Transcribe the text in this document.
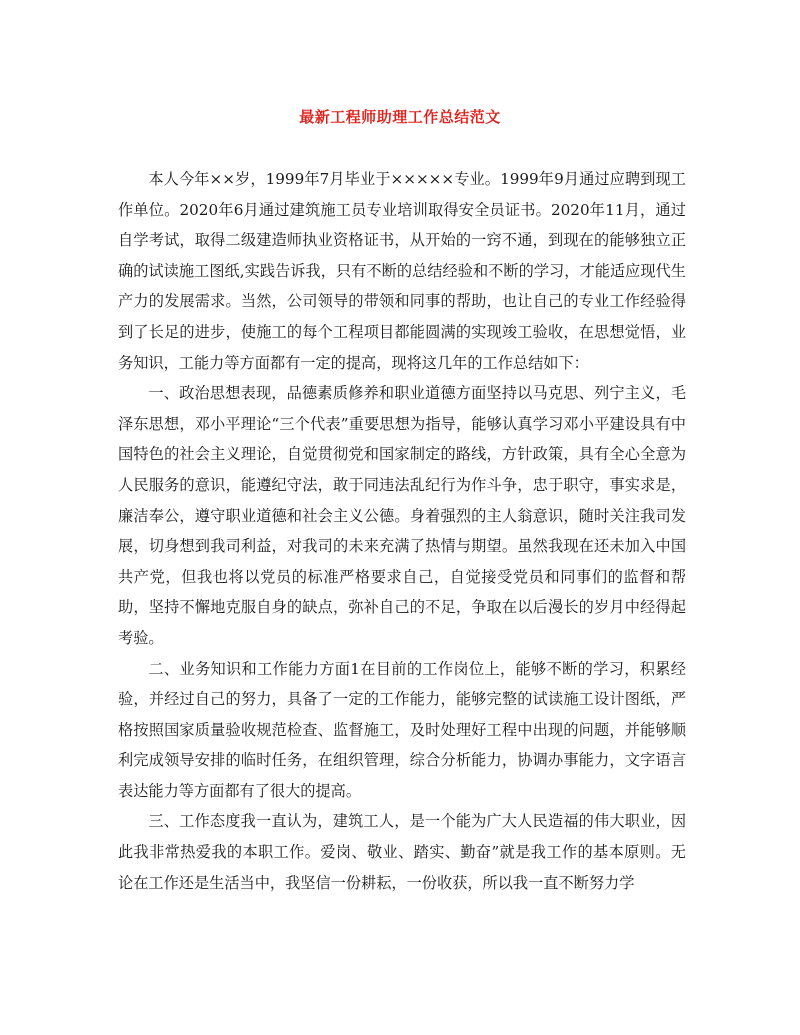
最新工程师助理工作总结范文

本人今年××岁，1999年7月毕业于×××××专业。1999年9月通过应聘到现工作单位。2020年6月通过建筑施工员专业培训取得安全员证书。2020年11月，通过自学考试，取得二级建造师执业资格证书，从开始的一窍不通，到现在的能够独立正确的试读施工图纸,实践告诉我，只有不断的总结经验和不断的学习，才能适应现代生产力的发展需求。当然，公司领导的带领和同事的帮助，也让自己的专业工作经验得到了长足的进步，使施工的每个工程项目都能圆满的实现竣工验收，在思想觉悟，业务知识，工能力等方面都有一定的提高，现将这几年的工作总结如下：

一、政治思想表现，品德素质修养和职业道德方面坚持以马克思、列宁主义，毛泽东思想，邓小平理论“三个代表”重要思想为指导，能够认真学习邓小平建设具有中国特色的社会主义理论，自觉贯彻党和国家制定的路线，方针政策，具有全心全意为人民服务的意识，能遵纪守法，敢于同违法乱纪行为作斗争，忠于职守，事实求是，廉洁奉公，遵守职业道德和社会主义公德。身着强烈的主人翁意识，随时关注我司发展，切身想到我司利益，对我司的未来充满了热情与期望。虽然我现在还未加入中国共产党，但我也将以党员的标准严格要求自己，自觉接受党员和同事们的监督和帮助，坚持不懈地克服自身的缺点，弥补自己的不足，争取在以后漫长的岁月中经得起考验。

二、业务知识和工作能力方面1在目前的工作岗位上，能够不断的学习，积累经验，并经过自己的努力，具备了一定的工作能力，能够完整的试读施工设计图纸，严格按照国家质量验收规范检查、监督施工，及时处理好工程中出现的问题，并能够顺利完成领导安排的临时任务，在组织管理，综合分析能力，协调办事能力，文字语言表达能力等方面都有了很大的提高。

三、工作态度我一直认为，建筑工人，是一个能为广大人民造福的伟大职业，因此我非常热爱我的本职工作。爱岗、敬业、踏实、勤奋”就是我工作的基本原则。无论在工作还是生活当中，我坚信一份耕耘，一份收获，所以我一直不断努力学
